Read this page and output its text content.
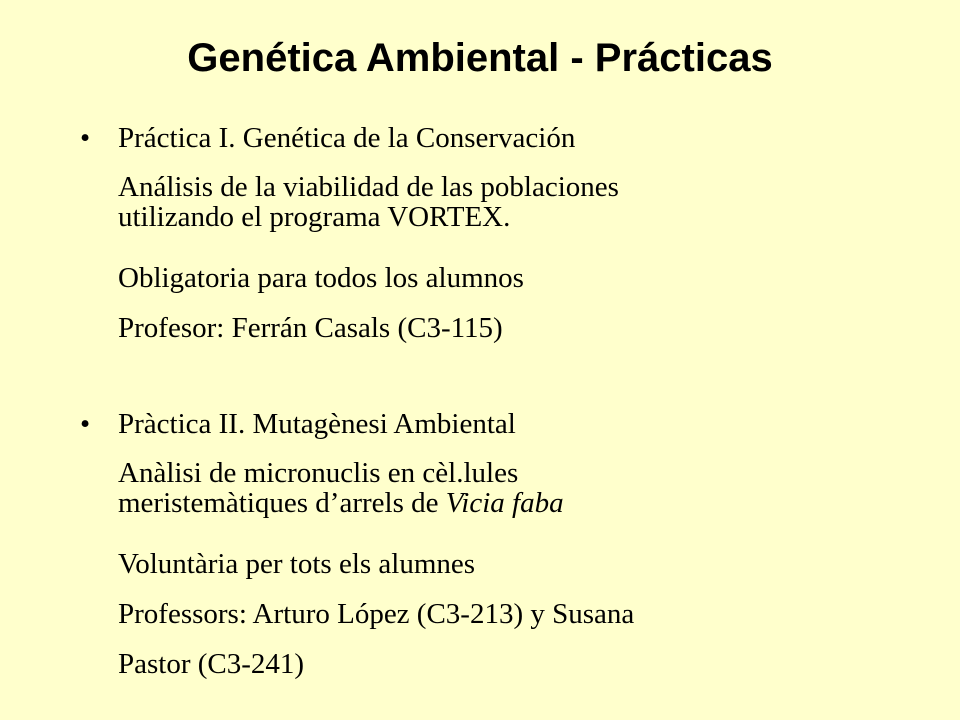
Genética Ambiental - Prácticas
• Práctica I. Genética de la Conservación
Análisis de la viabilidad de las poblaciones
utilizando el programa VORTEX.
Obligatoria para todos los alumnos
Profesor: Ferrán Casals (C3-115)
• Pràctica II. Mutagènesi Ambiental
Anàlisi de micronuclis en cèl.lules
meristemàtiques d’arrels de Vicia faba
Voluntària per tots els alumnes
Professors: Arturo López (C3-213) y Susana
Pastor (C3-241)
